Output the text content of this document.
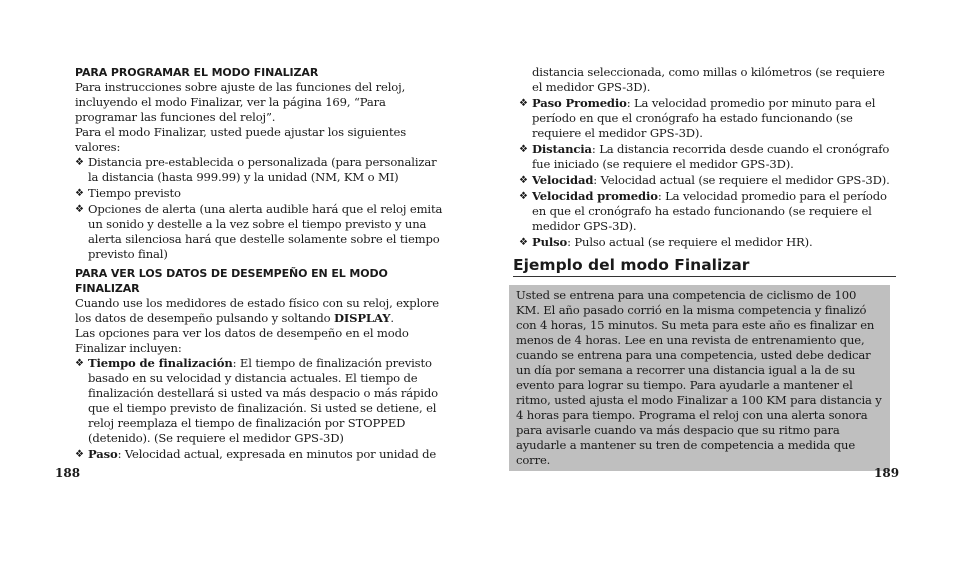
PARA PROGRAMAR EL MODO FINALIZAR

Para instrucciones sobre ajuste de las funciones del reloj, incluyendo el modo Finalizar, ver la página 169, “Para programar las funciones del reloj”.

Para el modo Finalizar, usted puede ajustar los siguientes valores:

❖ Distancia pre-establecida o personalizada (para personalizar la distancia (hasta 999.99) y la unidad (NM, KM o MI)
❖ Tiempo previsto
❖ Opciones de alerta (una alerta audible hará que el reloj emita un sonido y destelle a la vez sobre el tiempo previsto y una alerta silenciosa hará que destelle solamente sobre el tiempo previsto final)

PARA VER LOS DATOS DE DESEMPEÑO EN EL MODO FINALIZAR

Cuando use los medidores de estado físico con su reloj, explore los datos de desempeño pulsando y soltando DISPLAY.

Las opciones para ver los datos de desempeño en el modo Finalizar incluyen:

❖ Tiempo de finalización: El tiempo de finalización previsto basado en su velocidad y distancia actuales. El tiempo de finalización destellará si usted va más despacio o más rápido que el tiempo previsto de finalización. Si usted se detiene, el reloj reemplaza el tiempo de finalización por STOPPED (detenido). (Se requiere el medidor GPS-3D)
❖ Paso: Velocidad actual, expresada en minutos por unidad de
188

distancia seleccionada, como millas o kilómetros (se requiere el medidor GPS-3D).

❖ Paso Promedio: La velocidad promedio por minuto para el período en que el cronógrafo ha estado funcionando (se requiere el medidor GPS-3D).
❖ Distancia: La distancia recorrida desde cuando el cronógrafo fue iniciado (se requiere el medidor GPS-3D).
❖ Velocidad: Velocidad actual (se requiere el medidor GPS-3D).
❖ Velocidad promedio: La velocidad promedio para el período en que el cronógrafo ha estado funcionando (se requiere el medidor GPS-3D).
❖ Pulso: Pulso actual (se requiere el medidor HR).

Ejemplo del modo Finalizar

Usted se entrena para una competencia de ciclismo de 100 KM. El año pasado corrió en la misma competencia y finalizó con 4 horas, 15 minutos. Su meta para este año es finalizar en menos de 4 horas. Lee en una revista de entrenamiento que, cuando se entrena para una competencia, usted debe dedicar un día por semana a recorrer una distancia igual a la de su evento para lograr su tiempo. Para ayudarle a mantener el ritmo, usted ajusta el modo Finalizar a 100 KM para distancia y 4 horas para tiempo. Programa el reloj con una alerta sonora para avisarle cuando va más despacio que su ritmo para ayudarle a mantener su tren de competencia a medida que corre.

189
